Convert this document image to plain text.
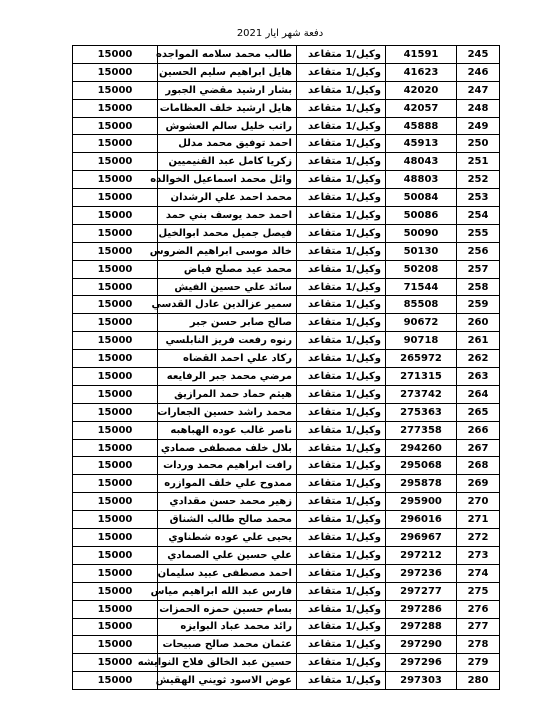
دفعة شهر ايار 2021
245	41591	وكيل/1 متقاعد	طالب محمد سلامه المواجده	15000
246	41623	وكيل/1 متقاعد	هايل ابراهيم سليم الحسين	15000
247	42020	وكيل/1 متقاعد	بشار ارشيد مقضي الجبور	15000
248	42057	وكيل/1 متقاعد	هايل ارشيد خلف العظامات	15000
249	45888	وكيل/1 متقاعد	راتب خليل سالم العشوش	15000
250	45913	وكيل/1 متقاعد	احمد توفيق محمد مدلل	15000
251	48043	وكيل/1 متقاعد	زكريا كامل عبد القنيميين	15000
252	48803	وكيل/1 متقاعد	وائل محمد اسماعيل الخوالده	15000
253	50084	وكيل/1 متقاعد	محمد احمد علي الرشدان	15000
254	50086	وكيل/1 متقاعد	احمد حمد يوسف بني حمد	15000
255	50090	وكيل/1 متقاعد	فيصل جميل محمد ابوالخيل	15000
256	50130	وكيل/1 متقاعد	خالد موسى ابراهيم الضروس	15000
257	50208	وكيل/1 متقاعد	محمد عيد مصلح فياض	15000
258	71544	وكيل/1 متقاعد	سائد علي حسين الفيش	15000
259	85508	وكيل/1 متقاعد	سمير عزالدين عادل القدسي	15000
260	90672	وكيل/1 متقاعد	صالح صابر حسن جبر	15000
261	90718	وكيل/1 متقاعد	رنوه رفعت فريز النابلسي	15000
262	265972	وكيل/1 متقاعد	ركاد علي احمد القضاه	15000
263	271315	وكيل/1 متقاعد	مرضي محمد جبر الرفايعه	15000
264	273742	وكيل/1 متقاعد	هيثم حماد حمد المرازيق	15000
265	275363	وكيل/1 متقاعد	محمد راشد حسين الجعارات	15000
266	277358	وكيل/1 متقاعد	ناصر غالب عوده الهباهبه	15000
267	294260	وكيل/1 متقاعد	بلال خلف مصطفى صمادي	15000
268	295068	وكيل/1 متقاعد	رافت ابراهيم محمد وردات	15000
269	295878	وكيل/1 متقاعد	ممدوح علي خلف الموازره	15000
270	295900	وكيل/1 متقاعد	زهير محمد حسن مقدادي	15000
271	296016	وكيل/1 متقاعد	محمد صالح طالب الشناق	15000
272	296967	وكيل/1 متقاعد	يحيى علي عوده شطناوي	15000
273	297212	وكيل/1 متقاعد	علي حسين علي الصمادي	15000
274	297236	وكيل/1 متقاعد	احمد مصطفى عبيد سليمان	15000
275	297277	وكيل/1 متقاعد	فارس عبد الله ابراهيم مياس	15000
276	297286	وكيل/1 متقاعد	بسام حسين حمزه الحمزات	15000
277	297288	وكيل/1 متقاعد	رائد محمد عباد البوايزه	15000
278	297290	وكيل/1 متقاعد	عثمان محمد صالح صبيحات	15000
279	297296	وكيل/1 متقاعد	حسين عبد الخالق فلاح النوايشه	15000
280	297303	وكيل/1 متقاعد	عوض الاسود ثويني الهقيش	15000
